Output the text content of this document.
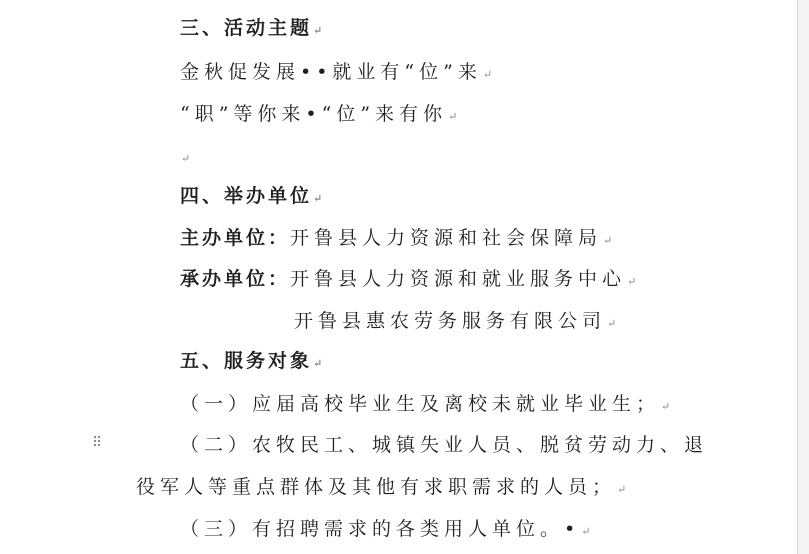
三、活动主题↵
金秋促发展••就业有“位”来↵
“职”等你来•“位”来有你↵
↵
四、举办单位↵
主办单位：开鲁县人力资源和社会保障局↵
承办单位：开鲁县人力资源和就业服务中心↵
开鲁县惠农劳务服务有限公司↵
五、服务对象↵
（一）应届高校毕业生及离校未就业毕业生；↵
⠿	（二）农牧民工、城镇失业人员、脱贫劳动力、退
役军人等重点群体及其他有求职需求的人员；↵
（三）有招聘需求的各类用人单位。•↵
